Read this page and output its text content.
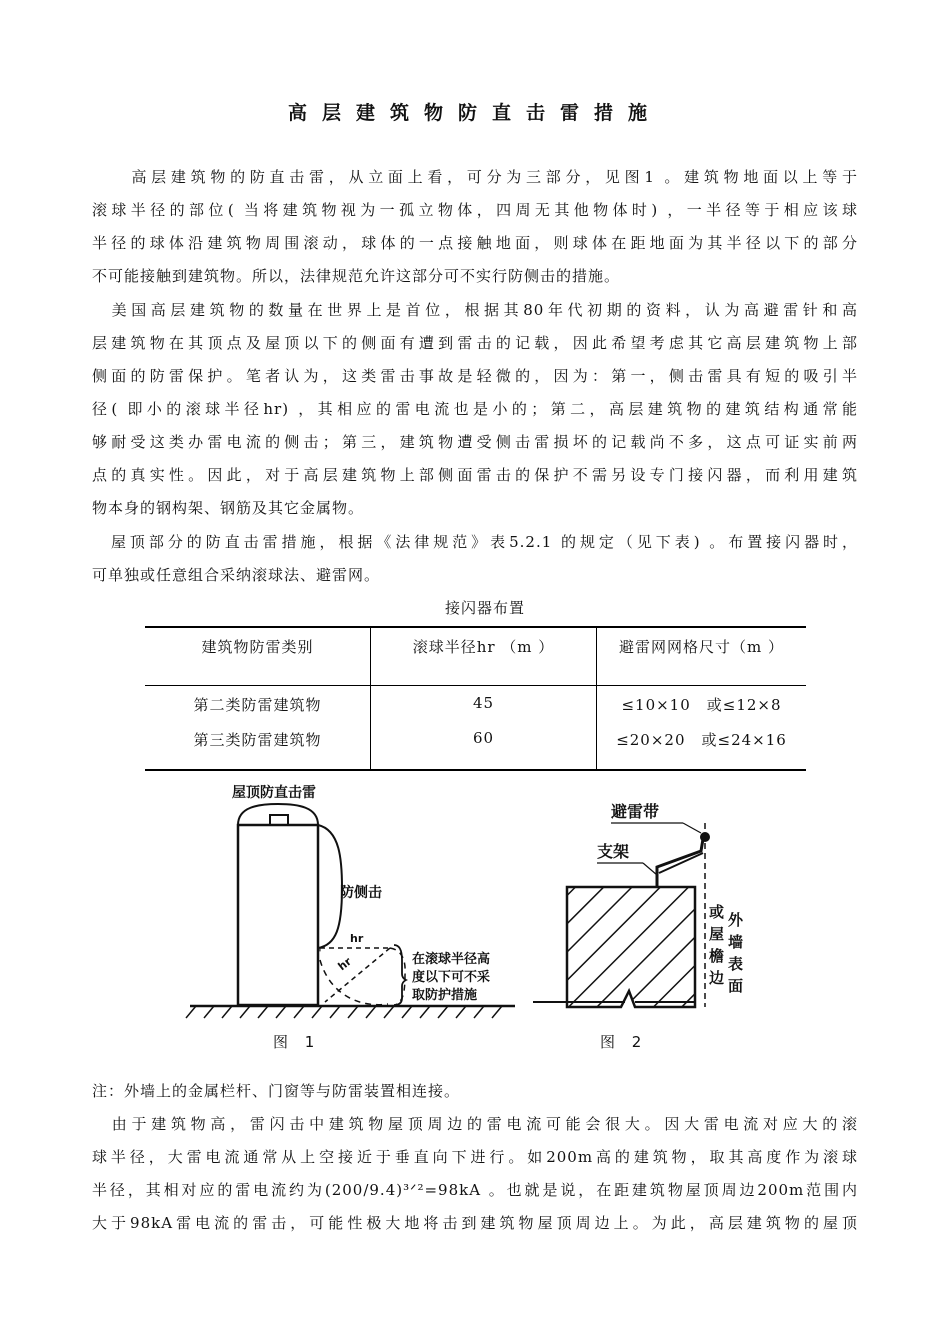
高层建筑物防直击雷措施
　　高层建筑物的防直击雷，从立面上看，可分为三部分，见图1 。建筑物地面以上等于
滚球半径的部位( 当将建筑物视为一孤立物体，四周无其他物体时) ，一半径等于相应该球
半径的球体沿建筑物周围滚动，球体的一点接触地面，则球体在距地面为其半径以下的部分
不可能接触到建筑物。所以，法律规范允许这部分可不实行防侧击的措施。
　美国高层建筑物的数量在世界上是首位，根据其80年代初期的资料，认为高避雷针和高
层建筑物在其顶点及屋顶以下的侧面有遭到雷击的记载，因此希望考虑其它高层建筑物上部
侧面的防雷保护。笔者认为，这类雷击事故是轻微的，因为：第一，侧击雷具有短的吸引半
径( 即小的滚球半径hr) ，其相应的雷电流也是小的；第二，高层建筑物的建筑结构通常能
够耐受这类办雷电流的侧击；第三，建筑物遭受侧击雷损坏的记载尚不多，这点可证实前两
点的真实性。因此，对于高层建筑物上部侧面雷击的保护不需另设专门接闪器，而利用建筑
物本身的钢构架、钢筋及其它金属物。
　屋顶部分的防直击雷措施，根据《法律规范》表5.2.1 的规定（见下表) 。布置接闪器时，
可单独或任意组合采纳滚球法、避雷网。
接闪器布置
建筑物防雷类别	滚球半径hr （m ）	避雷网网格尺寸（m ）
第二类防雷建筑物	45	≤10×10　或≤12×8
第三类防雷建筑物	60	≤20×20　或≤24×16
屋顶防直击雷
防侧击
hr
hr	在滚球半径高
度以下可不采
取防护措施
图 1
避雷带
支架
或
屋
檐
边
外
墙
表
面
图 2
注：外墙上的金属栏杆、门窗等与防雷装置相连接。
　由于建筑物高，雷闪击中建筑物屋顶周边的雷电流可能会很大。因大雷电流对应大的滚
球半径，大雷电流通常从上空接近于垂直向下进行。如200m高的建筑物，取其高度作为滚球
半径，其相对应的雷电流约为(200/9.4)³ᐟ²=98kA 。也就是说，在距建筑物屋顶周边200m范围内
大于98kA雷电流的雷击，可能性极大地将击到建筑物屋顶周边上。为此，高层建筑物的屋顶
